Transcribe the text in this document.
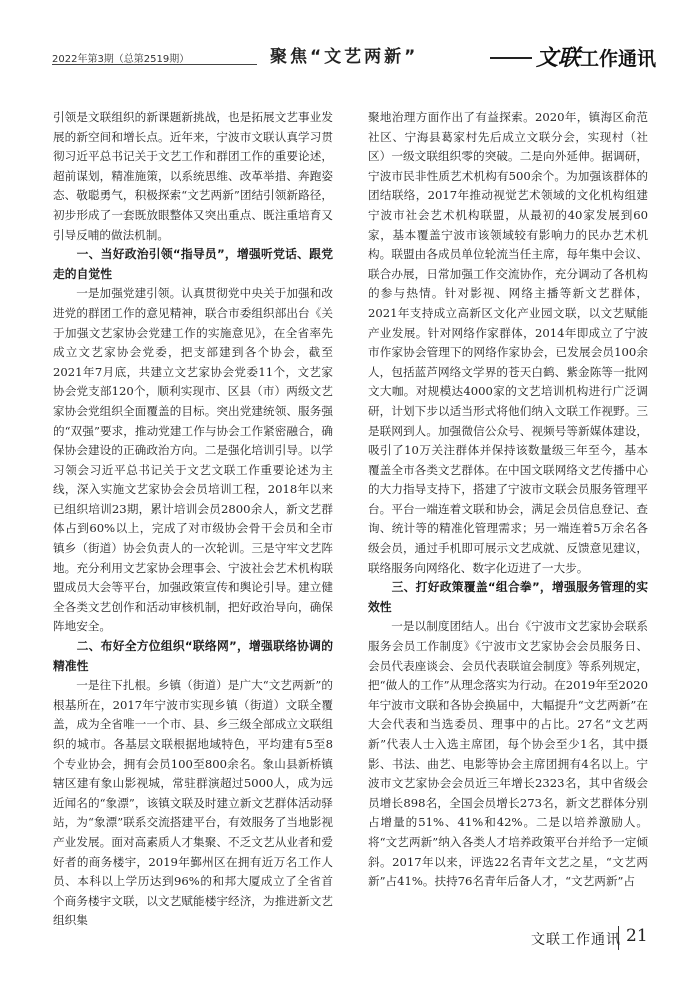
2022年第3期（总第2519期）	聚焦“文艺两新”	文联工作通讯

引领是文联组织的新课题新挑战，也是拓展文艺事业发展的新空间和增长点。近年来，宁波市文联认真学习贯彻习近平总书记关于文艺工作和群团工作的重要论述，超前谋划，精准施策，以系统思维、改革举措、奔跑姿态、敬聪勇气，积极探索“文艺两新”团结引领新路径，初步形成了一套既放眼整体又突出重点、既注重培育又引导反哺的做法机制。

一、当好政治引领“指导员”，增强听党话、跟党走的自觉性

一是加强党建引领。认真贯彻党中央关于加强和改进党的群团工作的意见精神，联合市委组织部出台《关于加强文艺家协会党建工作的实施意见》，在全省率先成立文艺家协会党委，把支部建到各个协会，截至2021年7月底，共建立文艺家协会党委11个，文艺家协会党支部120个，顺利实现市、区县（市）两级文艺家协会党组织全面覆盖的目标。突出党建统领、服务强的“双强”要求，推动党建工作与协会工作紧密融合，确保协会建设的正确政治方向。二是强化培训引导。以学习领会习近平总书记关于文艺文联工作重要论述为主线，深入实施文艺家协会会员培训工程，2018年以来已组织培训23期，累计培训会员2800余人，新文艺群体占到60%以上，完成了对市级协会骨干会员和全市镇乡（街道）协会负责人的一次轮训。三是守牢文艺阵地。充分利用文艺家协会理事会、宁波社会艺术机构联盟成员大会等平台，加强政策宣传和舆论引导。建立健全各类文艺创作和活动审核机制，把好政治导向，确保阵地安全。

二、布好全方位组织“联络网”，增强联络协调的精准性

一是往下扎根。乡镇（街道）是广大“文艺两新”的根基所在，2017年宁波市实现乡镇（街道）文联全覆盖，成为全省唯一一个市、县、乡三级全部成立文联组织的城市。各基层文联根据地域特色，平均建有5至8个专业协会，拥有会员100至800余名。象山县新桥镇辖区建有象山影视城，常驻群演超过5000人，成为远近闻名的“象漂”，该镇文联及时建立新文艺群体活动驿站，为“象漂”联系交流搭建平台，有效服务了当地影视产业发展。面对高素质人才集聚、不乏文艺从业者和爱好者的商务楼宇，2019年鄞州区在拥有近万名工作人员、本科以上学历达到96%的和邦大厦成立了全省首个商务楼宇文联，以文艺赋能楼宇经济，为推进新文艺组织集

聚地治理方面作出了有益探索。2020年，镇海区俞范社区、宁海县葛家村先后成立文联分会，实现村（社区）一级文联组织零的突破。二是向外延伸。据调研，宁波市民非性质艺术机构有500余个。为加强该群体的团结联络，2017年推动视觉艺术领域的文化机构组建宁波市社会艺术机构联盟，从最初的40家发展到60家，基本覆盖宁波市该领域较有影响力的民办艺术机构。联盟由各成员单位轮流当任主席，每年集中会议、联合办展，日常加强工作交流协作，充分调动了各机构的参与热情。针对影视、网络主播等新文艺群体，2021年支持成立高新区文化产业园文联，以文艺赋能产业发展。针对网络作家群体，2014年即成立了宁波市作家协会管理下的网络作家协会，已发展会员100余人，包括蓝芦网络文学界的苍天白鹤、紫金陈等一批网文大咖。对规模达4000家的文艺培训机构进行广泛调研，计划下步以适当形式将他们纳入文联工作视野。三是联网到人。加强微信公众号、视频号等新媒体建设，吸引了10万关注群体并保持该数量级三年至今，基本覆盖全市各类文艺群体。在中国文联网络文艺传播中心的大力指导支持下，搭建了宁波市文联会员服务管理平台。平台一端连着文联和协会，满足会员信息登记、查询、统计等的精准化管理需求；另一端连着5万余名各级会员，通过手机即可展示文艺成就、反馈意见建议，联络服务向网络化、数字化迈进了一大步。

三、打好政策覆盖“组合拳”，增强服务管理的实效性

一是以制度团结人。出台《宁波市文艺家协会联系服务会员工作制度》《宁波市文艺家协会会员服务日、会员代表座谈会、会员代表联谊会制度》等系列规定，把“做人的工作”从理念落实为行动。在2019年至2020年宁波市文联和各协会换届中，大幅提升“文艺两新”在大会代表和当选委员、理事中的占比。27名“文艺两新”代表人士入选主席团，每个协会至少1名，其中摄影、书法、曲艺、电影等协会主席团拥有4名以上。宁波市文艺家协会会员近三年增长2323名，其中省级会员增长898名，全国会员增长273名，新文艺群体分别占增量的51%、41%和42%。二是以培养激励人。将“文艺两新”纳入各类人才培养政策平台并给予一定倾斜。2017年以来，评选22名青年文艺之星，“文艺两新”占41%。扶持76名青年后备人才，“文艺两新”占

文联工作通讯 21
